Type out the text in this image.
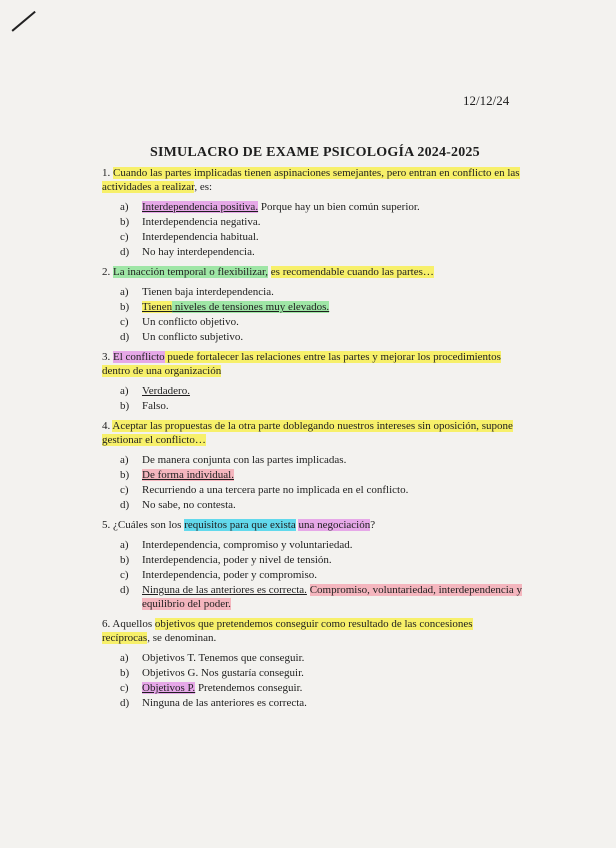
12/12/24
SIMULACRO DE EXAME PSICOLOGÍA 2024-2025
1. Cuando las partes implicadas tienen aspinaciones semejantes, pero entran en conflicto en las actividades a realizar, es:
a) Interdependencia positiva. Porque hay un bien común superior.
b) Interdependencia negativa.
c) Interdependencia habitual.
d) No hay interdependencia.
2. La inacción temporal o flexibilizar, es recomendable cuando las partes…
a) Tienen baja interdependencia.
b) Tienen niveles de tensiones muy elevados.
c) Un conflicto objetivo.
d) Un conflicto subjetivo.
3. El conflicto puede fortalecer las relaciones entre las partes y mejorar los procedimientos dentro de una organización
a) Verdadero.
b) Falso.
4. Aceptar las propuestas de la otra parte doblegando nuestros intereses sin oposición, supone gestionar el conflicto…
a) De manera conjunta con las partes implicadas.
b) De forma individual.
c) Recurriendo a una tercera parte no implicada en el conflicto.
d) No sabe, no contesta.
5. ¿Cuáles son los requisitos para que exista una negociación?
a) Interdependencia, compromiso y voluntariedad.
b) Interdependencia, poder y nivel de tensión.
c) Interdependencia, poder y compromiso.
d) Ninguna de las anteriores es correcta. Compromiso, voluntariedad, interdependencia y equilibrio del poder.
6. Aquellos objetivos que pretendemos conseguir como resultado de las concesiones recíprocas, se denominan.
a) Objetivos T. Tenemos que conseguir.
b) Objetivos G. Nos gustaría conseguir.
c) Objetivos P. Pretendemos conseguir.
d) Ninguna de las anteriores es correcta.
